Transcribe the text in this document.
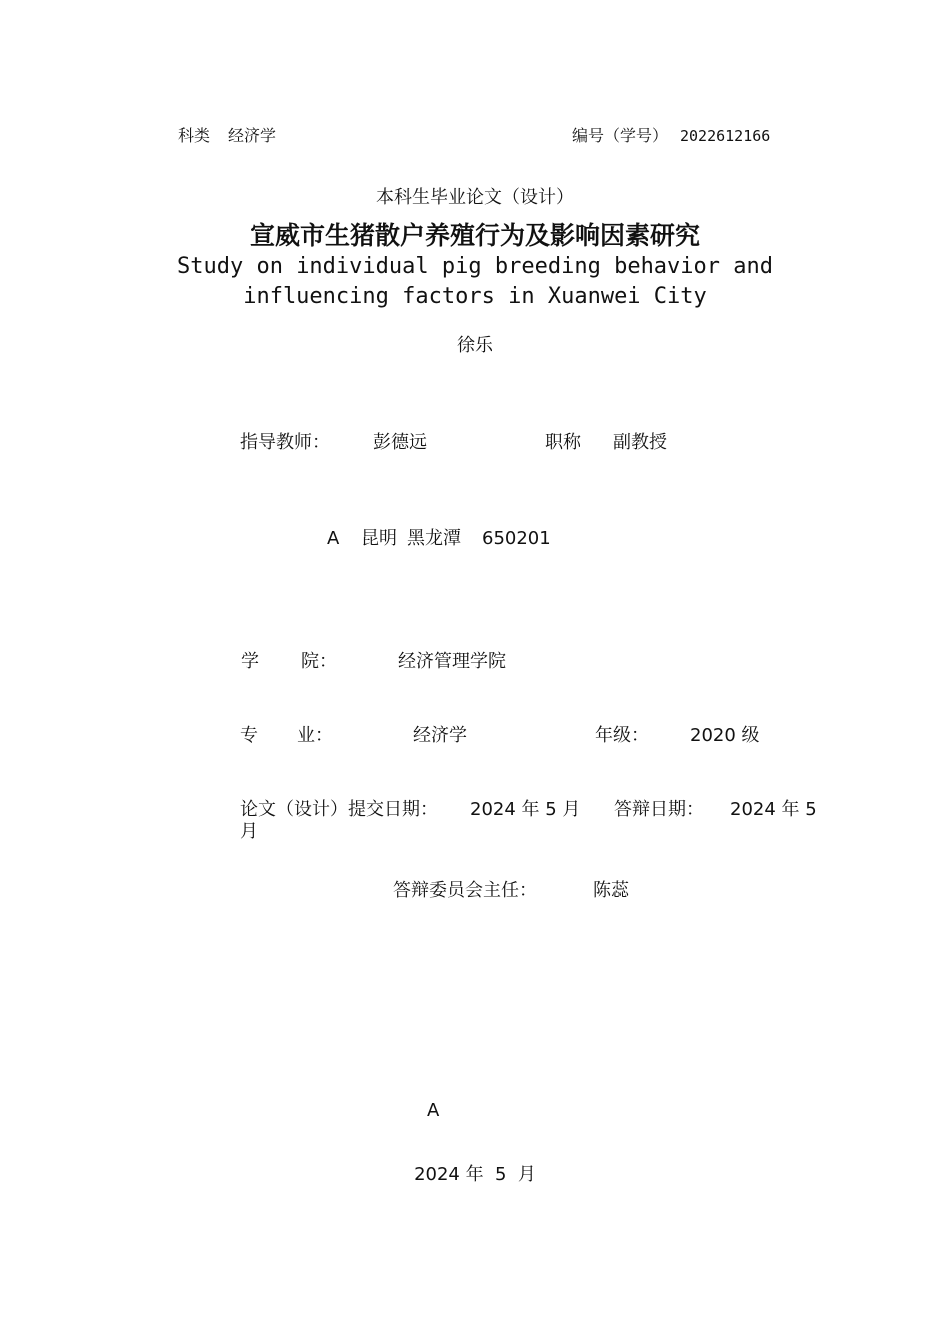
科类 经济学	编号（学号） 2022612166
本科生毕业论文（设计）
宣威市生猪散户养殖行为及影响因素研究
Study on individual pig breeding behavior and
influencing factors in Xuanwei City
徐乐
指导教师： 彭德远	职称 副教授
A 昆明 黑龙潭 650201
学 院：	经济管理学院
专 业：	经济学	年级： 2020 级
论文（设计）提交日期： 2024 年 5 月 答辩日期： 2024 年 5
月
答辩委员会主任：	陈蕊
A
2024 年  5  月
